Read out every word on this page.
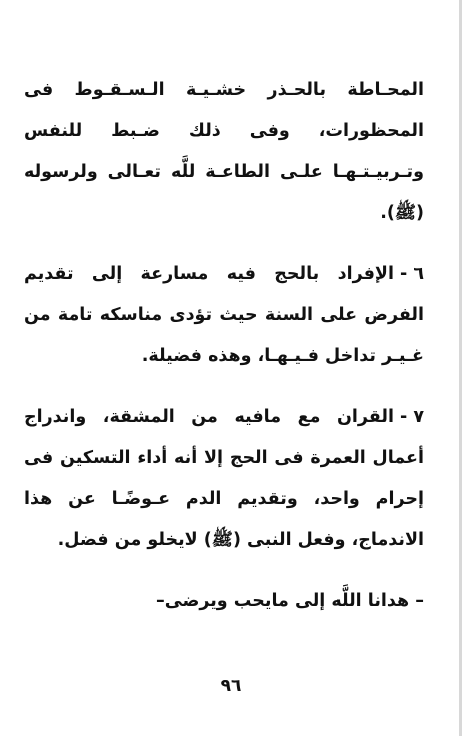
المحـاطة بالحـذر خشـيـة الـسـقـوط فى المحظورات، وفى ذلك ضـبط للنفس وتـربيـتـهـا علـى الطاعـة للَّه تعـالى ولرسوله (ﷺ).

٦ -الإفراد بالحج فيه مسارعة إلى تقديم الفرض على السنة حيث تؤدى مناسكه تامة من غـيـر تداخل فـيـهـا، وهذه فضيلة.

٧ -القران مع مافيه من المشقة، واندراج أعمال العمرة فى الحج إلا أنه أداء التسكين فى إحرام واحد، وتقديم الدم عـوضًـا عن هذا الاندماج، وفعل النبى (ﷺ) لايخلو من فضل.

– هدانا اللَّه إلى مايحب ويرضى–

٩٦
